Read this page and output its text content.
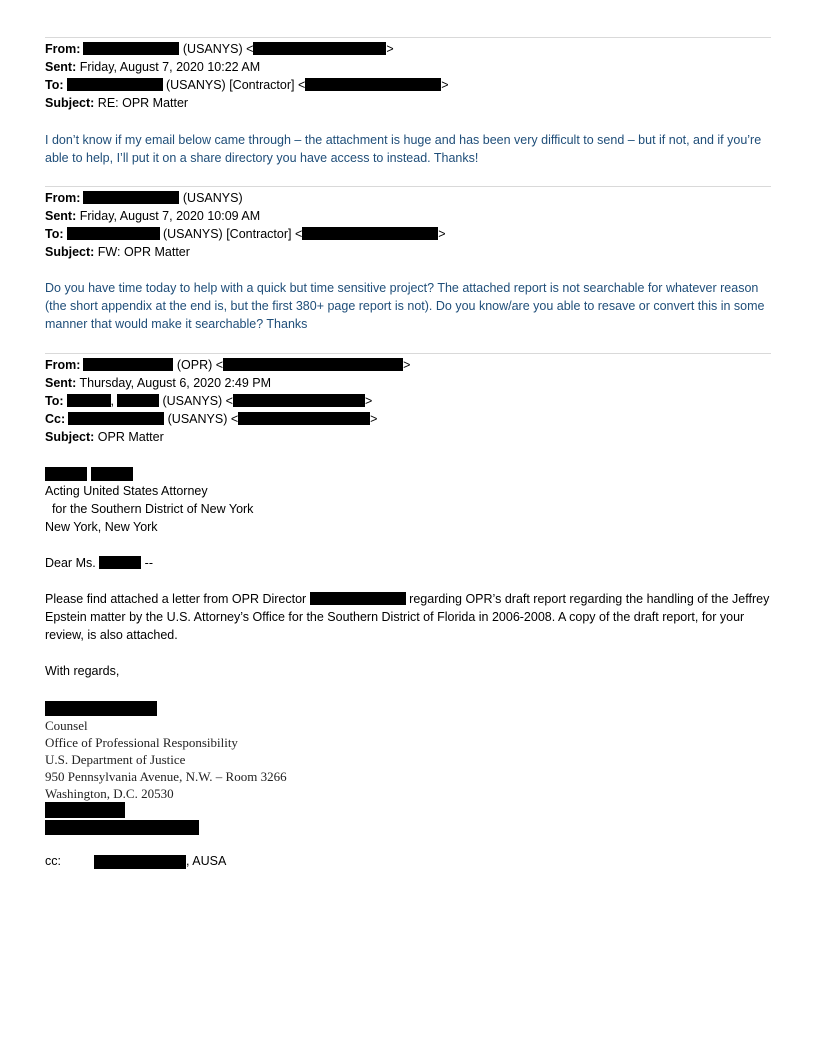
From:	(USANYS) <	>
Sent: Friday, August 7, 2020 10:22 AM
To:	(USANYS) [Contractor] <	>
Subject: RE: OPR Matter
I don’t know if my email below came through – the attachment is huge and has been very difficult to send – but if not, and if you’re able to help, I’ll put it on a share directory you have access to instead. Thanks!
From:	(USANYS)
Sent: Friday, August 7, 2020 10:09 AM
To:	(USANYS) [Contractor] <	>
Subject: FW: OPR Matter
Do you have time today to help with a quick but time sensitive project? The attached report is not searchable for whatever reason (the short appendix at the end is, but the first 380+ page report is not). Do you know/are you able to resave or convert this in some manner that would make it searchable? Thanks
From:	(OPR) <	>
Sent: Thursday, August 6, 2020 2:49 PM
To:	,	(USANYS) <	>
Cc:	(USANYS) <	>
Subject: OPR Matter
Acting United States Attorney
for the Southern District of New York
New York, New York
Dear Ms.	--
Please find attached a letter from OPR Director	regarding OPR’s draft report regarding the handling of the Jeffrey Epstein matter by the U.S. Attorney’s Office for the Southern District of Florida in 2006-2008. A copy of the draft report, for your review, is also attached.
With regards,
Counsel
Office of Professional Responsibility
U.S. Department of Justice
950 Pennsylvania Avenue, N.W. – Room 3266
Washington, D.C. 20530
cc:	, AUSA
